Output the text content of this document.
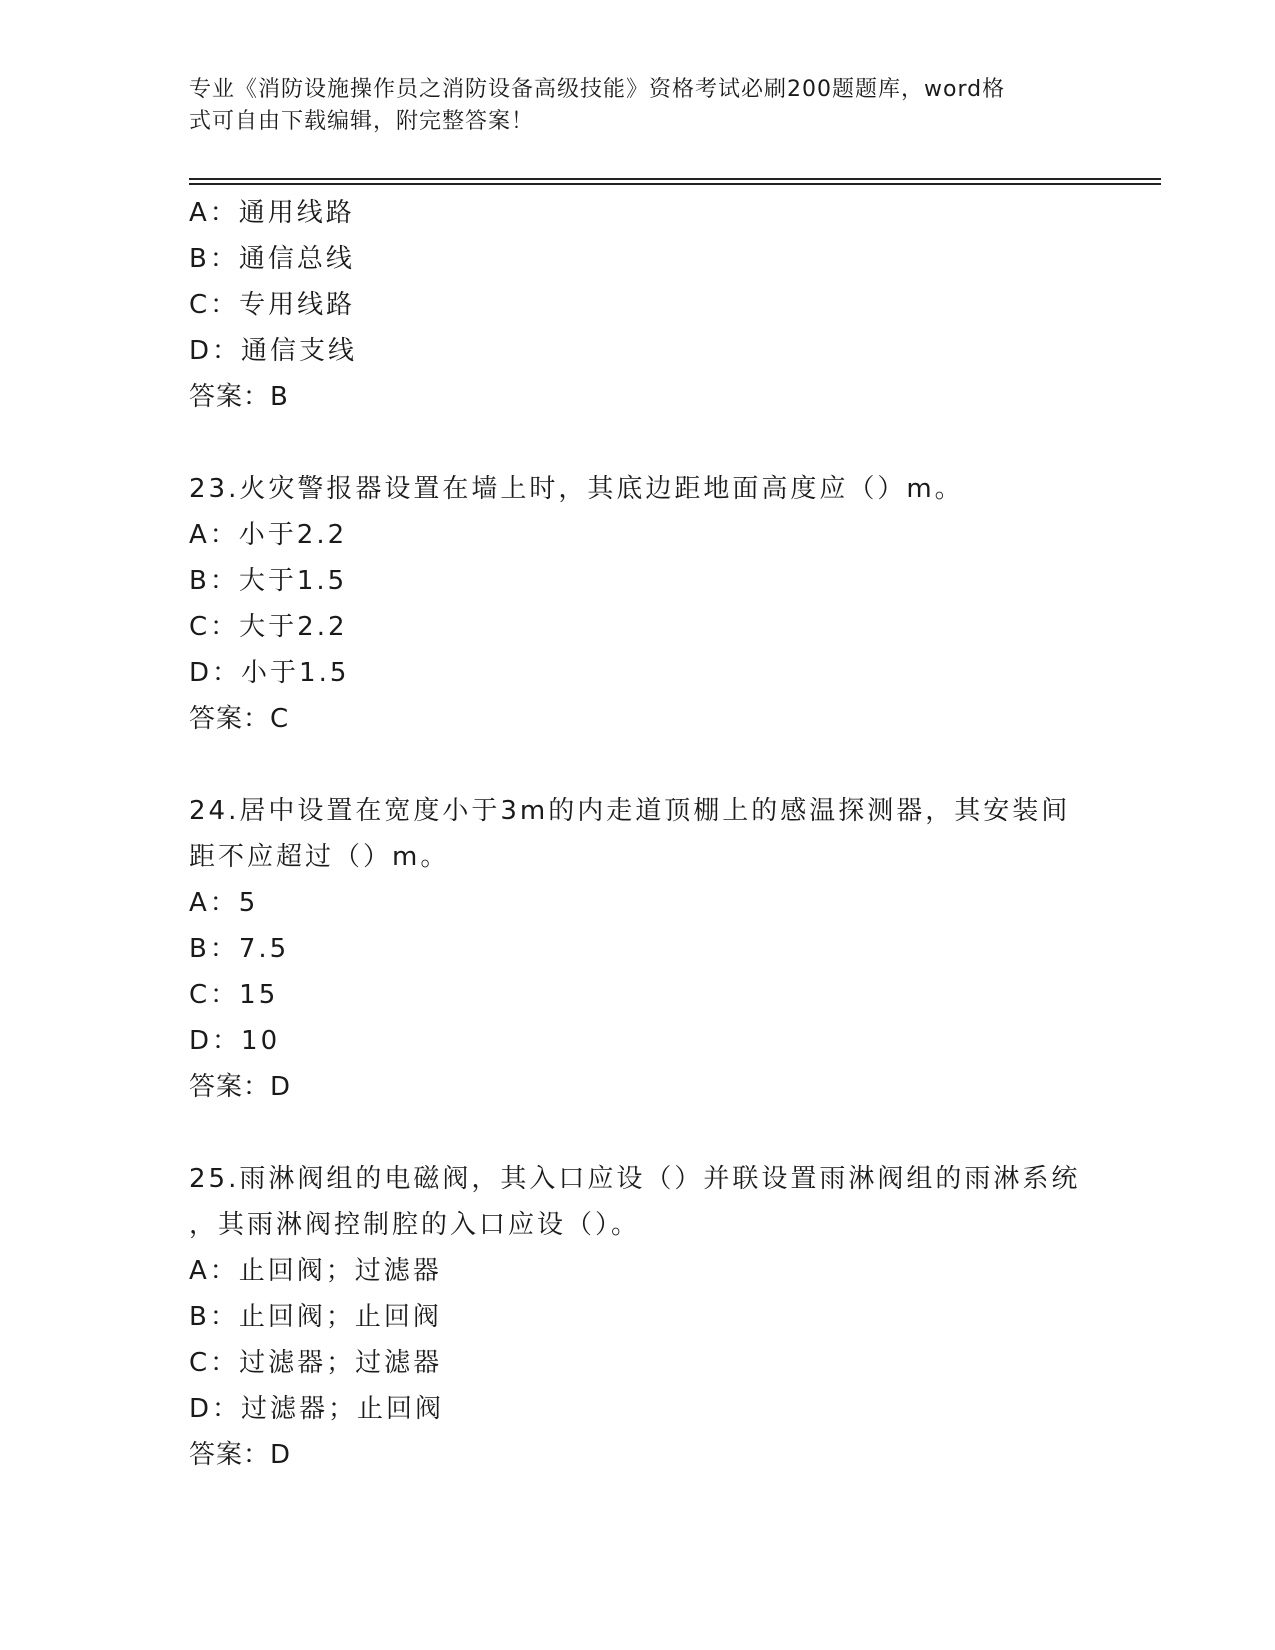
专业《消防设施操作员之消防设备高级技能》资格考试必刷200题题库，word格
式可自由下载编辑，附完整答案！
A：通用线路
B：通信总线
C：专用线路
D：通信支线
答案：B
23.火灾警报器设置在墙上时，其底边距地面高度应（）m。
A：小于2.2
B：大于1.5
C：大于2.2
D：小于1.5
答案：C
24.居中设置在宽度小于3m的内走道顶棚上的感温探测器，其安装间
距不应超过（）m。
A：5
B：7.5
C：15
D：10
答案：D
25.雨淋阀组的电磁阀，其入口应设（）并联设置雨淋阀组的雨淋系统
，其雨淋阀控制腔的入口应设（）。
A：止回阀；过滤器
B：止回阀；止回阀
C：过滤器；过滤器
D：过滤器；止回阀
答案：D
